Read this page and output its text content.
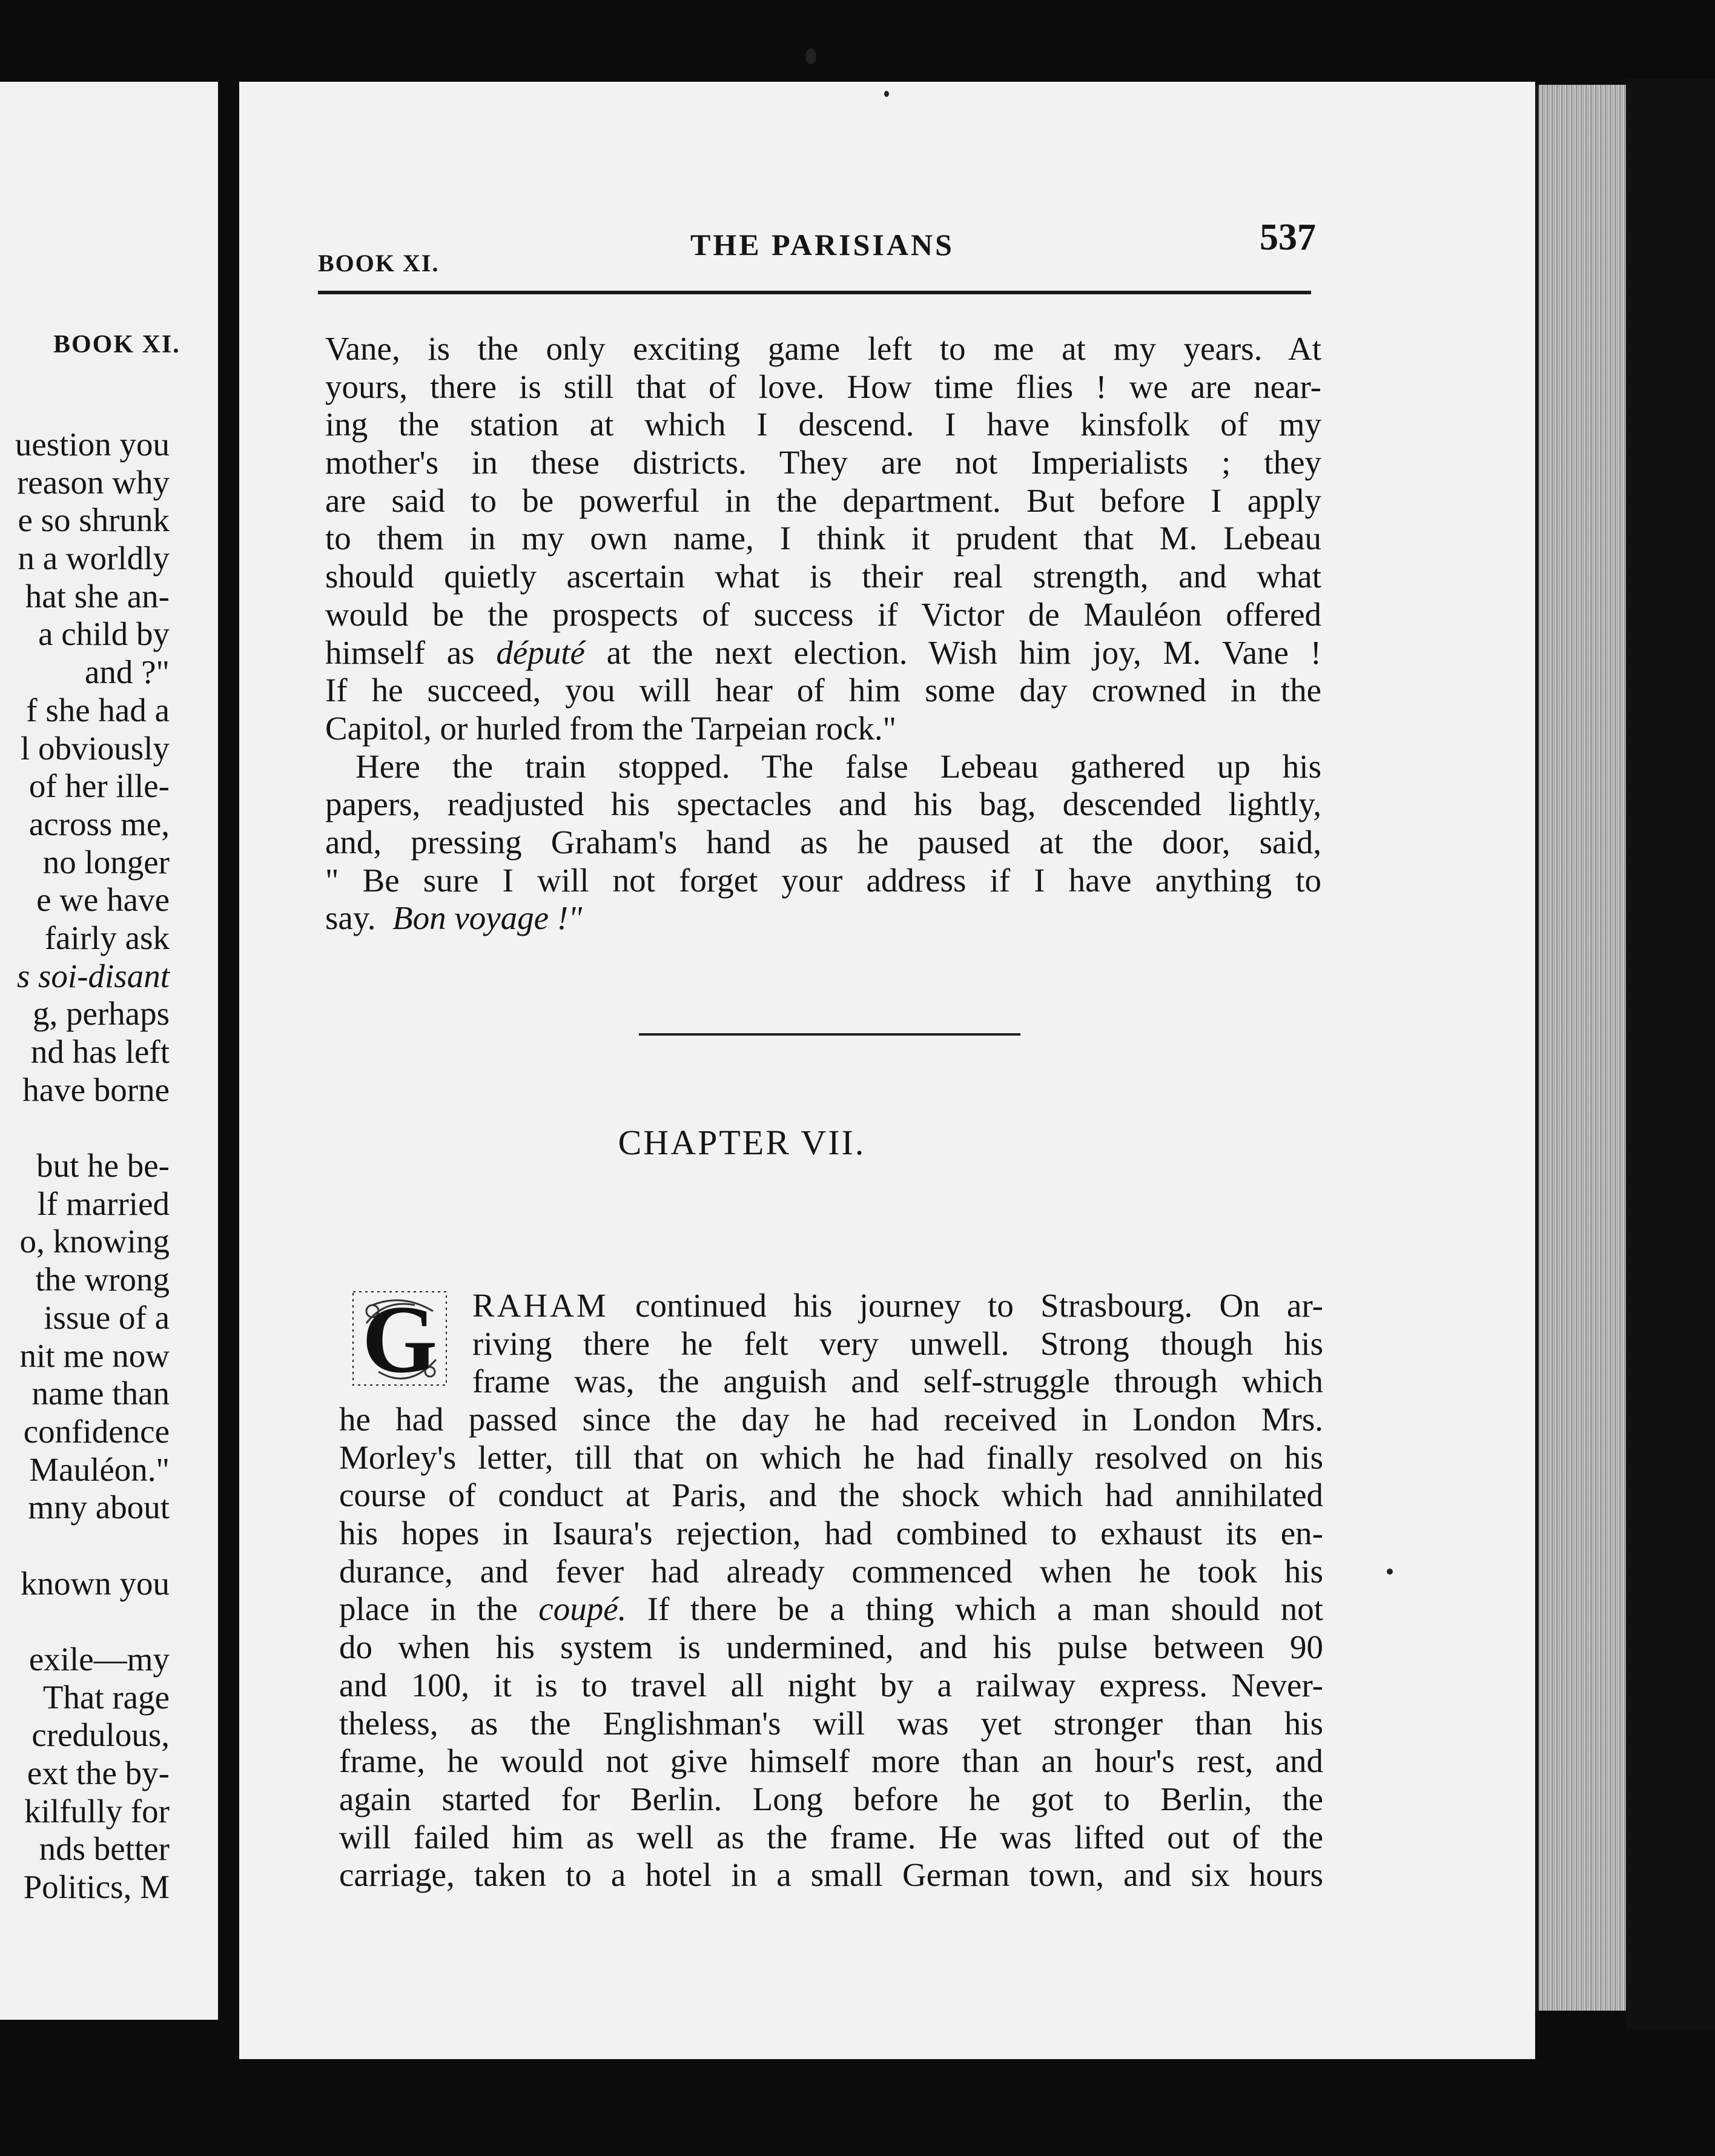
BOOK XI.
uestion you
reason why
e so shrunk
n a worldly
hat she an-
a child by
and ?"
f she had a
l obviously
of her ille-
across me,
no longer
e we have
fairly ask
s soi-disant
g, perhaps
nd has left
have borne
but he be-
lf married
o, knowing
the wrong
issue of a
nit me now
name than
confidence
Mauléon."
mny about
known you
exile—my
That rage
credulous,
ext the by-
kilfully for
nds better
Politics, M
BOOK XI.
THE PARISIANS	537
Vane, is the only exciting game left to me at my years. At
yours, there is still that of love. How time flies ! we are near-
ing the station at which I descend. I have kinsfolk of my
mother's in these districts. They are not Imperialists ; they
are said to be powerful in the department. But before I apply
to them in my own name, I think it prudent that M. Lebeau
should quietly ascertain what is their real strength, and what
would be the prospects of success if Victor de Mauléon offered
himself as député at the next election. Wish him joy, M. Vane !
If he succeed, you will hear of him some day crowned in the
Capitol, or hurled from the Tarpeian rock."
Here the train stopped. The false Lebeau gathered up his
papers, readjusted his spectacles and his bag, descended lightly,
and, pressing Graham's hand as he paused at the door, said,
" Be sure I will not forget your address if I have anything to
say. Bon voyage !"
CHAPTER VII.
G RAHAM continued his journey to Strasbourg. On ar-
riving there he felt very unwell. Strong though his
frame was, the anguish and self-struggle through which
he had passed since the day he had received in London Mrs.
Morley's letter, till that on which he had finally resolved on his
course of conduct at Paris, and the shock which had annihilated
his hopes in Isaura's rejection, had combined to exhaust its en-
durance, and fever had already commenced when he took his
place in the coupé. If there be a thing which a man should not
do when his system is undermined, and his pulse between 90
and 100, it is to travel all night by a railway express. Never-
theless, as the Englishman's will was yet stronger than his
frame, he would not give himself more than an hour's rest, and
again started for Berlin. Long before he got to Berlin, the
will failed him as well as the frame. He was lifted out of the
carriage, taken to a hotel in a small German town, and six hours
